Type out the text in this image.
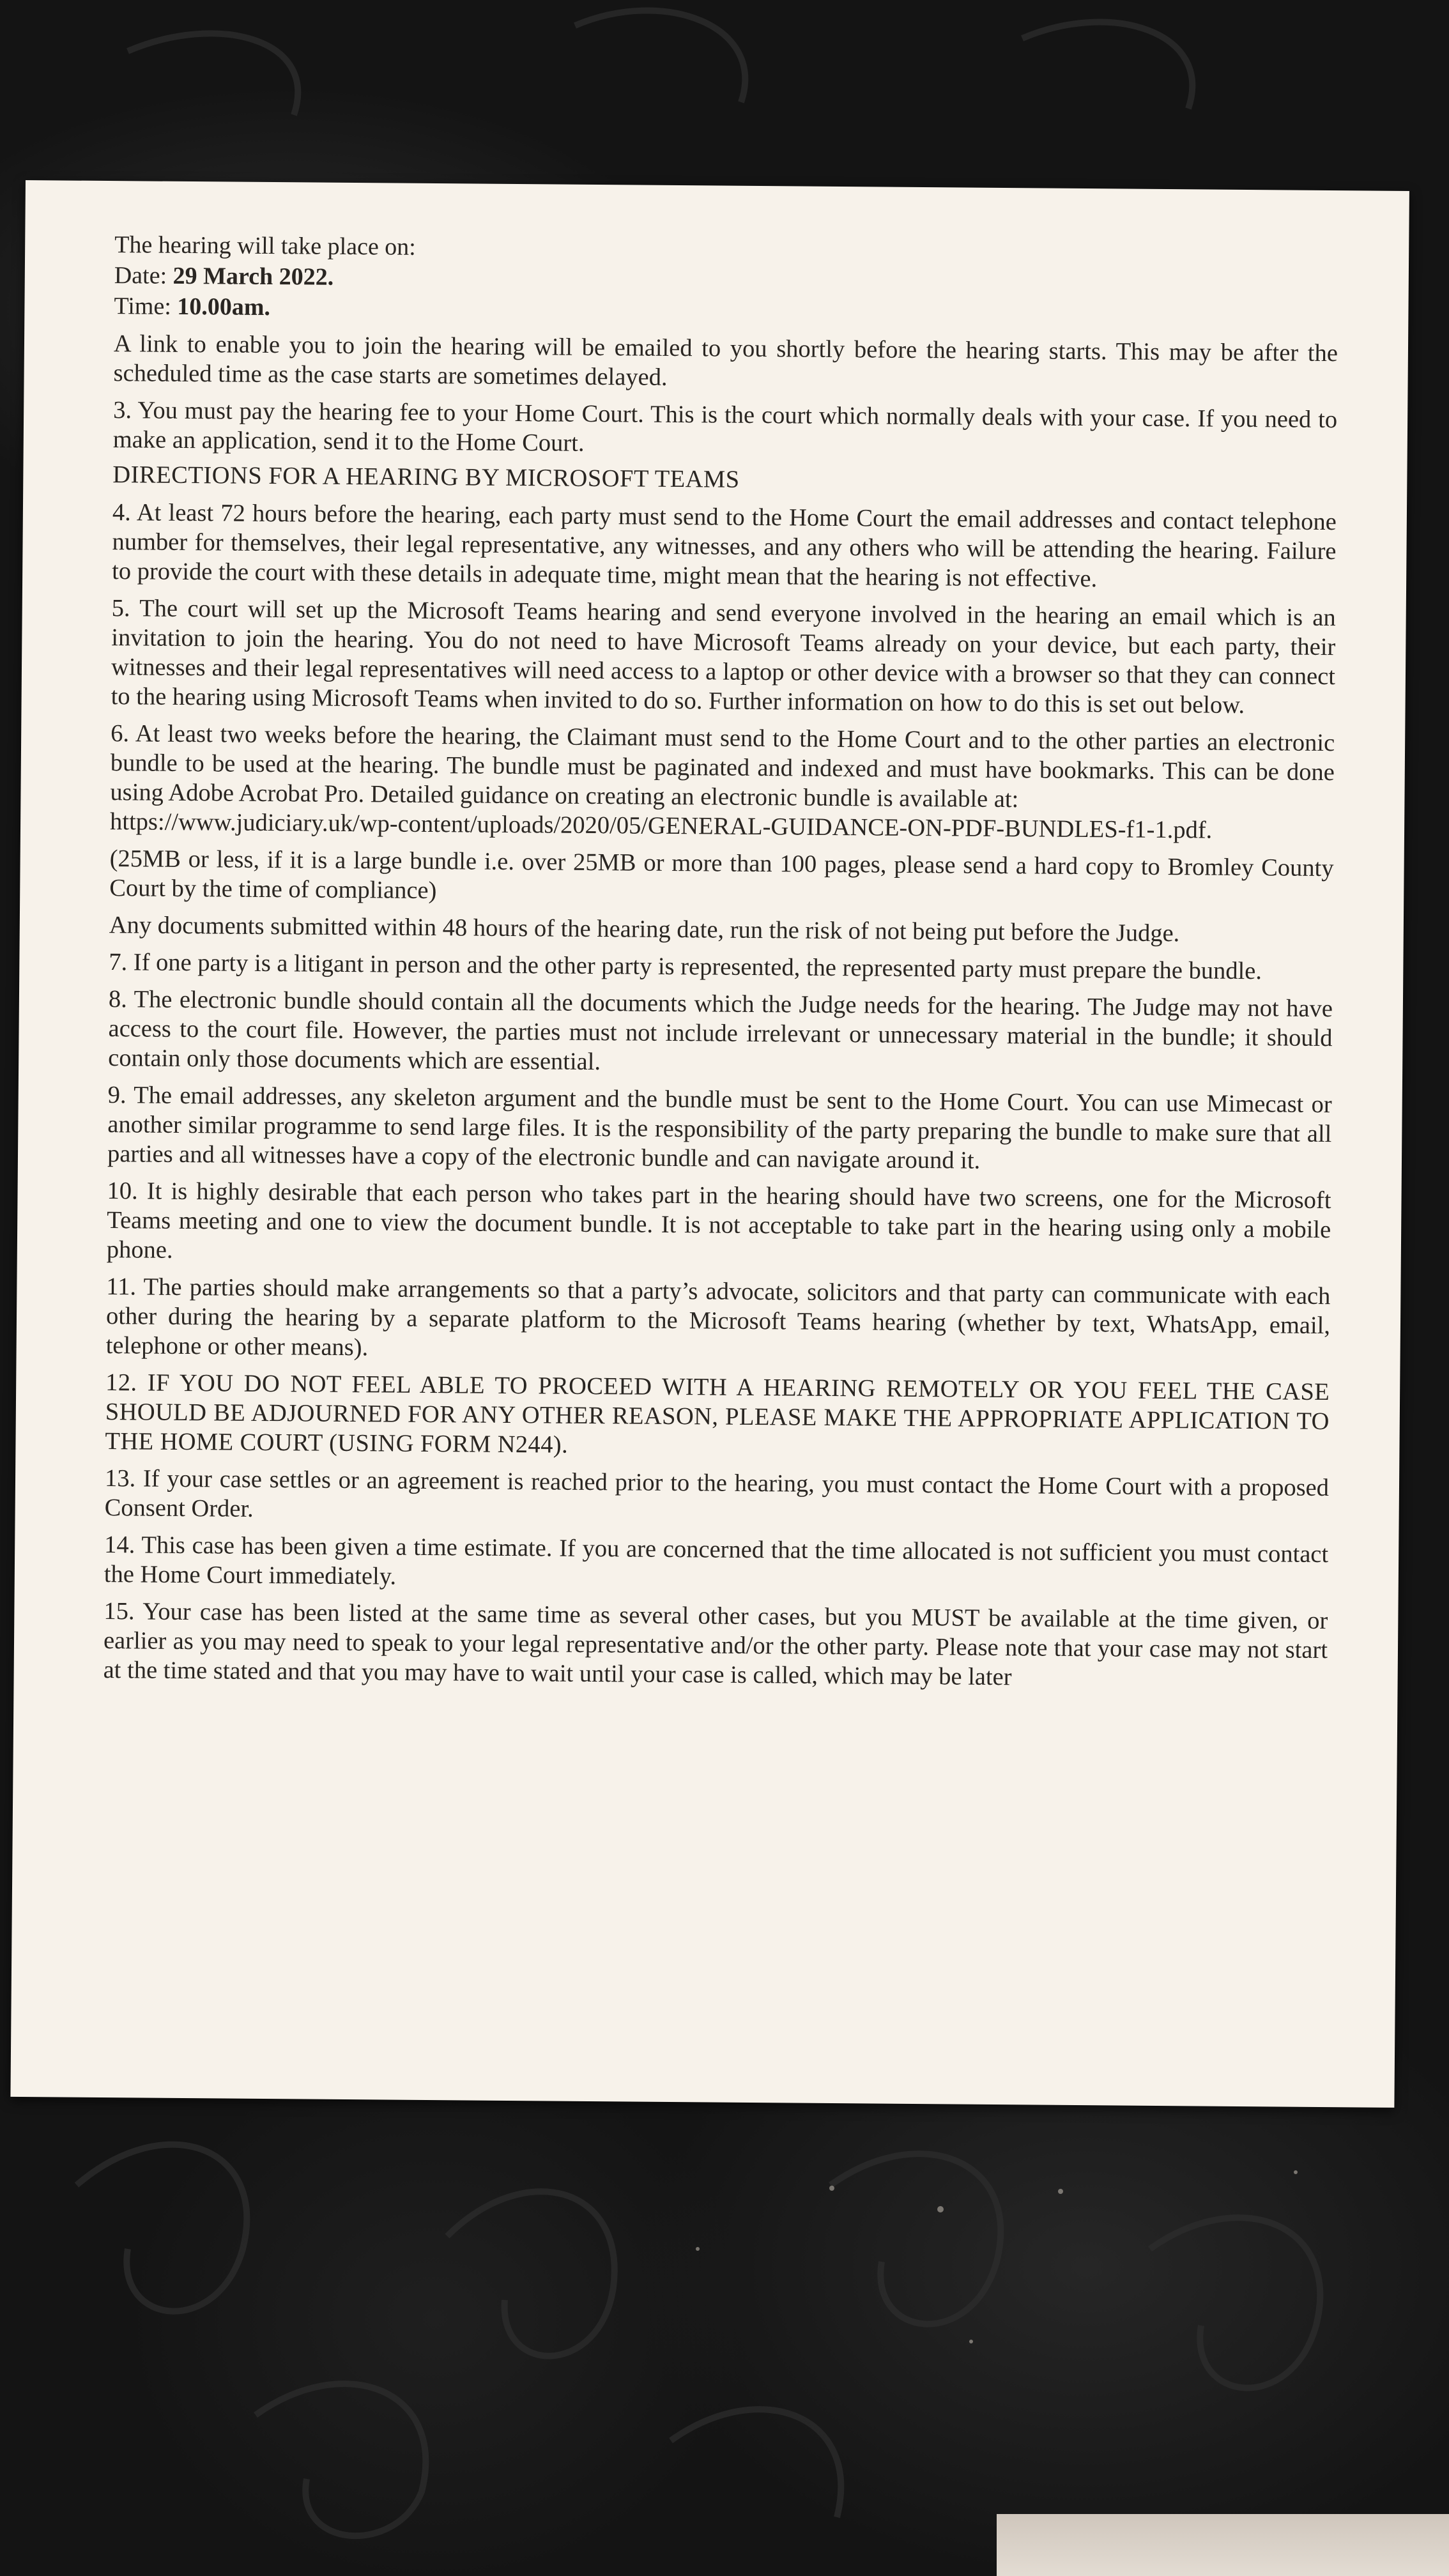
The hearing will take place on:

Date: 29 March 2022.

Time: 10.00am.

A link to enable you to join the hearing will be emailed to you shortly before the hearing starts. This may be after the scheduled time as the case starts are sometimes delayed.

3. You must pay the hearing fee to your Home Court. This is the court which normally deals with your case. If you need to make an application, send it to the Home Court.

DIRECTIONS FOR A HEARING BY MICROSOFT TEAMS

4. At least 72 hours before the hearing, each party must send to the Home Court the email addresses and contact telephone number for themselves, their legal representative, any witnesses, and any others who will be attending the hearing. Failure to provide the court with these details in adequate time, might mean that the hearing is not effective.

5. The court will set up the Microsoft Teams hearing and send everyone involved in the hearing an email which is an invitation to join the hearing. You do not need to have Microsoft Teams already on your device, but each party, their witnesses and their legal representatives will need access to a laptop or other device with a browser so that they can connect to the hearing using Microsoft Teams when invited to do so. Further information on how to do this is set out below.

6. At least two weeks before the hearing, the Claimant must send to the Home Court and to the other parties an electronic bundle to be used at the hearing. The bundle must be paginated and indexed and must have bookmarks. This can be done using Adobe Acrobat Pro. Detailed guidance on creating an electronic bundle is available at:
https://www.judiciary.uk/wp-content/uploads/2020/05/GENERAL-GUIDANCE-ON-PDF-BUNDLES-f1-1.pdf.

(25MB or less, if it is a large bundle i.e. over 25MB or more than 100 pages, please send a hard copy to Bromley County Court by the time of compliance)

Any documents submitted within 48 hours of the hearing date, run the risk of not being put before the Judge.

7. If one party is a litigant in person and the other party is represented, the represented party must prepare the bundle.

8. The electronic bundle should contain all the documents which the Judge needs for the hearing. The Judge may not have access to the court file. However, the parties must not include irrelevant or unnecessary material in the bundle; it should contain only those documents which are essential.

9. The email addresses, any skeleton argument and the bundle must be sent to the Home Court. You can use Mimecast or another similar programme to send large files. It is the responsibility of the party preparing the bundle to make sure that all parties and all witnesses have a copy of the electronic bundle and can navigate around it.

10. It is highly desirable that each person who takes part in the hearing should have two screens, one for the Microsoft Teams meeting and one to view the document bundle. It is not acceptable to take part in the hearing using only a mobile phone.

11. The parties should make arrangements so that a party’s advocate, solicitors and that party can communicate with each other during the hearing by a separate platform to the Microsoft Teams hearing (whether by text, WhatsApp, email, telephone or other means).

12. IF YOU DO NOT FEEL ABLE TO PROCEED WITH A HEARING REMOTELY OR YOU FEEL THE CASE SHOULD BE ADJOURNED FOR ANY OTHER REASON, PLEASE MAKE THE APPROPRIATE APPLICATION TO THE HOME COURT (USING FORM N244).

13. If your case settles or an agreement is reached prior to the hearing, you must contact the Home Court with a proposed Consent Order.

14. This case has been given a time estimate. If you are concerned that the time allocated is not sufficient you must contact the Home Court immediately.

15. Your case has been listed at the same time as several other cases, but you MUST be available at the time given, or earlier as you may need to speak to your legal representative and/or the other party. Please note that your case may not start at the time stated and that you may have to wait until your case is called, which may be later
